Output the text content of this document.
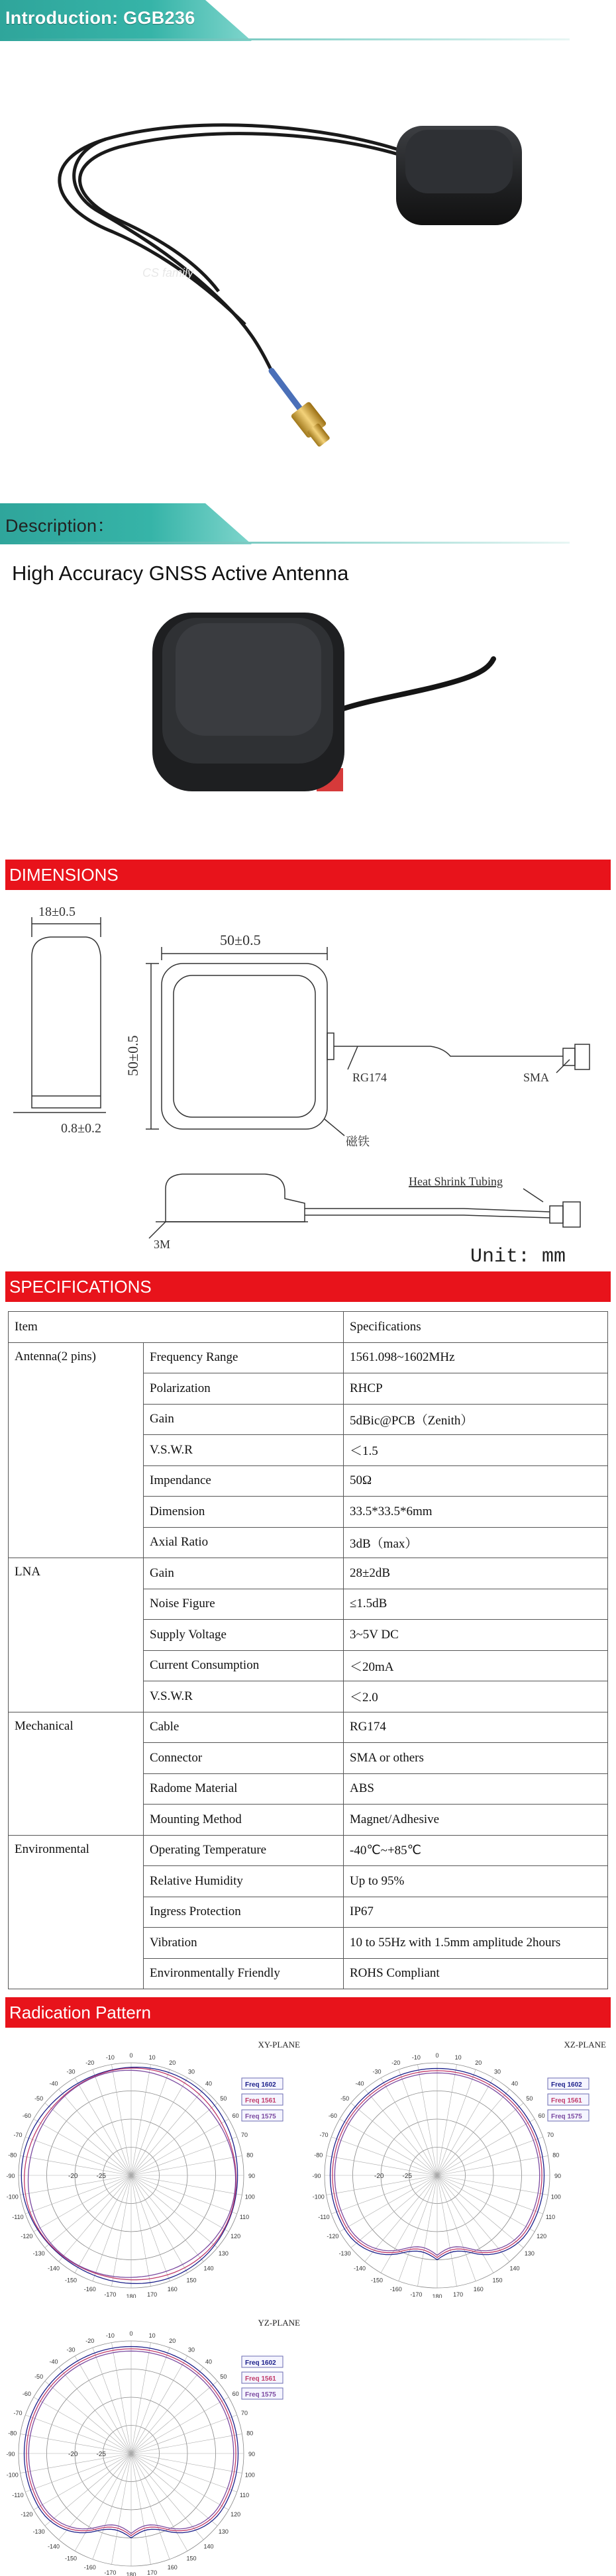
Introduction: GGB236
CS family
Description：
High Accuracy GNSS Active Antenna
DIMENSIONS
18±0.5
0.8±0.2
50±0.5
50±0.5
RG174	SMA
磁铁
Heat Shrink Tubing
3M
Unit: mm
SPECIFICATIONS
Item		Specifications
Antenna(2 pins)	Frequency Range	1561.098~1602MHz
	Polarization	RHCP
	Gain	5dBic@PCB（Zenith）
	V.S.W.R	＜1.5
	Impendance	50Ω
	Dimension	33.5*33.5*6mm
	Axial Ratio	3dB（max）
LNA	Gain	28±2dB
	Noise Figure	≤1.5dB
	Supply Voltage	3~5V DC
	Current Consumption	＜20mA
	V.S.W.R	＜2.0
Mechanical	Cable	RG174
	Connector	SMA or others
	Radome Material	ABS
	Mounting Method	Magnet/Adhesive
Environmental	Operating Temperature	-40℃~+85℃
	Relative Humidity	Up to 95%
	Ingress Protection	IP67
	Vibration	10 to 55Hz with 1.5mm amplitude 2hours
	Environmentally Friendly	ROHS Compliant
Radication Pattern
0	10
20
30
40
50
60
70
80
90
100
110
120
130
140
150
160
170
180
-170
-160
-150
-140
-130
-120
-110
-100
-90
-80
-70
-60
-50
-40
-30
-20
-10
-20	-25
XY-PLANE
Freq 1602
Freq 1561
Freq 1575
0	10
20
30
40
50
60
70
80
90
100
110
120
130
140
150
160
170
180
-170
-160
-150
-140
-130
-120
-110
-100
-90
-80
-70
-60
-50
-40
-30
-20
-10
-20	-25
XZ-PLANE
Freq 1602
Freq 1561
Freq 1575
0	10
20
30
40
50
60
70
80
90
100
110
120
130
140
150
160
170
180
-170
-160
-150
-140
-130
-120
-110
-100
-90
-80
-70
-60
-50
-40
-30
-20
-10
-20	-25
YZ-PLANE
Freq 1602
Freq 1561
Freq 1575
